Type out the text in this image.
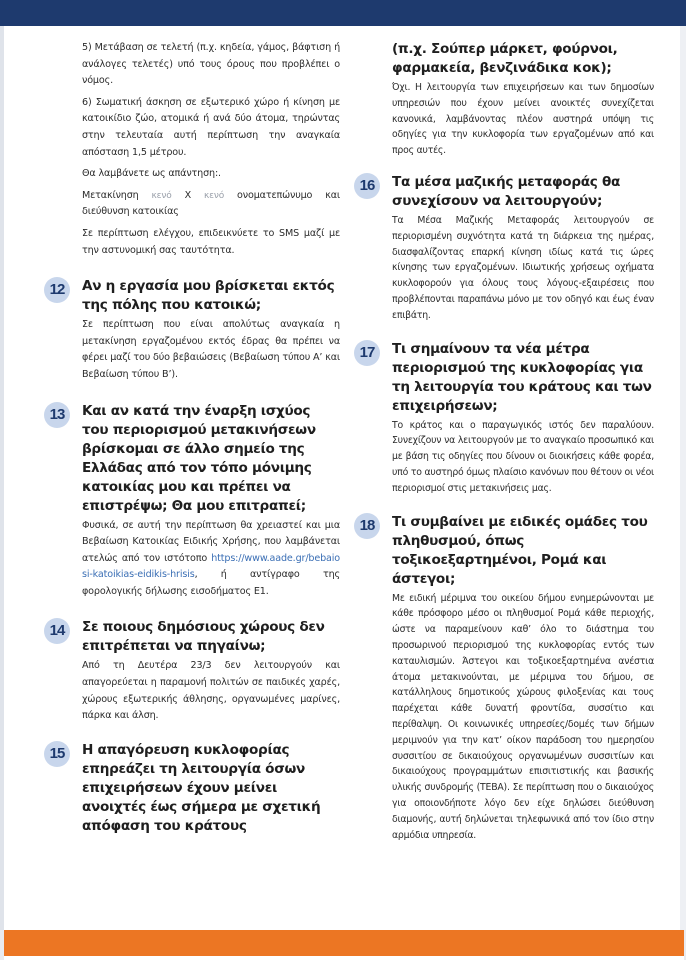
5) Μετάβαση σε τελετή (π.χ. κηδεία, γάμος, βάφτιση ή ανάλογες τελετές) υπό τους όρους που προβλέπει ο νόμος.

6) Σωματική άσκηση σε εξωτερικό χώρο ή κίνηση με κατοικίδιο ζώο, ατομικά ή ανά δύο άτομα, τηρώντας στην τελευταία αυτή περίπτωση την αναγκαία απόσταση 1,5 μέτρου.

Θα λαμβάνετε ως απάντηση:.

Μετακίνηση κενό Χ κενό ονοματεπώνυμο και διεύθυνση κατοικίας

Σε περίπτωση ελέγχου, επιδεικνύετε το SMS μαζί με την αστυνομική σας ταυτότητα.

12	Αν η εργασία μου βρίσκεται εκτός της πόλης που κατοικώ;

Σε περίπτωση που είναι απολύτως αναγκαία η μετακίνηση εργαζομένου εκτός έδρας θα πρέπει να φέρει μαζί του δύο βεβαιώσεις (Βεβαίωση τύπου Α’ και Βεβαίωση τύπου Β’).

13	Και αν κατά την έναρξη ισχύος του περιορισμού μετακινήσεων βρίσκομαι σε άλλο σημείο της Ελλάδας από τον τόπο μόνιμης κατοικίας μου και πρέπει να επιστρέψω; Θα μου επιτραπεί;

Φυσικά, σε αυτή την περίπτωση θα χρειαστεί και μια Βεβαίωση Κατοικίας Ειδικής Χρήσης, που λαμβάνεται ατελώς από τον ιστότοπο https://www.aade.gr/bebaiosi-katoikias-eidikis-hrisis, ή αντίγραφο της φορολογικής δήλωσης εισοδήματος Ε1.

14	Σε ποιους δημόσιους χώρους δεν επιτρέπεται να πηγαίνω;

Από τη Δευτέρα 23/3 δεν λειτουργούν και απαγορεύεται η παραμονή πολιτών σε παιδικές χαρές, χώρους εξωτερικής άθλησης, οργανωμένες μαρίνες, πάρκα και άλση.

15	Η απαγόρευση κυκλοφορίας επηρεάζει τη λειτουργία όσων επιχειρήσεων έχουν μείνει ανοιχτές έως σήμερα με σχετική απόφαση του κράτους
(π.χ. Σούπερ μάρκετ, φούρνοι, φαρμακεία, βενζινάδικα κοκ);

Όχι. Η λειτουργία των επιχειρήσεων και των δημοσίων υπηρεσιών που έχουν μείνει ανοικτές συνεχίζεται κανονικά, λαμβάνοντας πλέον αυστηρά υπόψη τις οδηγίες για την κυκλοφορία των εργαζομένων από και προς αυτές.

16	Τα μέσα μαζικής μεταφοράς θα συνεχίσουν να λειτουργούν;

Τα Μέσα Μαζικής Μεταφοράς λειτουργούν σε περιορισμένη συχνότητα κατά τη διάρκεια της ημέρας, διασφαλίζοντας επαρκή κίνηση ιδίως κατά τις ώρες κίνησης των εργαζομένων. Ιδιωτικής χρήσεως οχήματα κυκλοφορούν για όλους τους λόγους-εξαιρέσεις που προβλέπονται παραπάνω μόνο με τον οδηγό και έως έναν επιβάτη.

17	Τι σημαίνουν τα νέα μέτρα περιορισμού της κυκλοφορίας για τη λειτουργία του κράτους και των επιχειρήσεων;

Το κράτος και ο παραγωγικός ιστός δεν παραλύουν. Συνεχίζουν να λειτουργούν με το αναγκαίο προσωπικό και με βάση τις οδηγίες που δίνουν οι διοικήσεις κάθε φορέα, υπό το αυστηρό όμως πλαίσιο κανόνων που θέτουν οι νέοι περιορισμοί στις μετακινήσεις μας.

18	Τι συμβαίνει με ειδικές ομάδες του πληθυσμού, όπως τοξικοεξαρτημένοι, Ρομά και άστεγοι;

Με ειδική μέριμνα του οικείου δήμου ενημερώνονται με κάθε πρόσφορο μέσο οι πληθυσμοί Ρομά κάθε περιοχής, ώστε να παραμείνουν καθ’ όλο το διάστημα του προσωρινού περιορισμού της κυκλοφορίας εντός των καταυλισμών. Άστεγοι και τοξικοεξαρτημένα ανέστια άτομα μετακινούνται, με μέριμνα του δήμου, σε κατάλληλους δημοτικούς χώρους φιλοξενίας και τους παρέχεται κάθε δυνατή φροντίδα, συσσίτιο και περίθαλψη. Οι κοινωνικές υπηρεσίες/δομές των δήμων μεριμνούν για την κατ’ οίκον παράδοση του ημερησίου συσσιτίου σε δικαιούχους οργανωμένων συσσιτίων και δικαιούχους προγραμμάτων επισιτιστικής και βασικής υλικής συνδρομής (ΤΕΒΑ). Σε περίπτωση που ο δικαιούχος για οποιονδήποτε λόγο δεν είχε δηλώσει διεύθυνση διαμονής, αυτή δηλώνεται τηλεφωνικά από τον ίδιο στην αρμόδια υπηρεσία.
